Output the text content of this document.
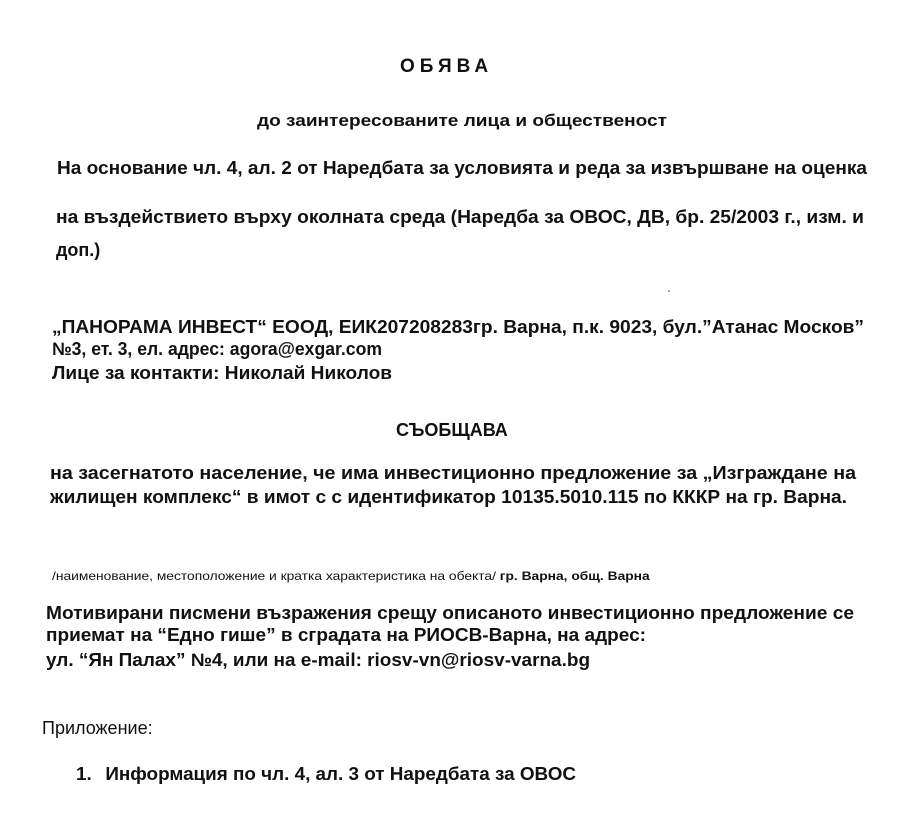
ОБЯВА
до заинтересованите лица и общественост
На основание чл. 4, ал. 2 от Наредбата за условията и реда за извършване на оценка
на въздействието върху околната среда (Наредба за ОВОС, ДВ, бр. 25/2003 г., изм. и
доп.)
„ПАНОРАМА ИНВЕСТ“ ЕООД, ЕИК207208283гр. Варна, п.к. 9023, бул.”Атанас Москов”
№3, ет. 3, ел. адрес: agora@exgar.com
Лице за контакти: Николай Николов
СЪОБЩАВА
на засегнатото население, че има инвестиционно предложение за „Изграждане на
жилищен комплекс“ в имот с с идентификатор 10135.5010.115 по КККР на гр. Варна.
/наименование, местоположение и кратка характеристика на обекта/ гр. Варна, общ. Варна
Мотивирани писмени възражения срещу описаното инвестиционно предложение се
приемат на “Едно гише” в сградата на РИОСВ-Варна, на адрес:
ул. “Ян Палах” №4, или на e-mail: riosv-vn@riosv-varna.bg
Приложение:
1. Информация по чл. 4, ал. 3 от Наредбата за ОВОС
